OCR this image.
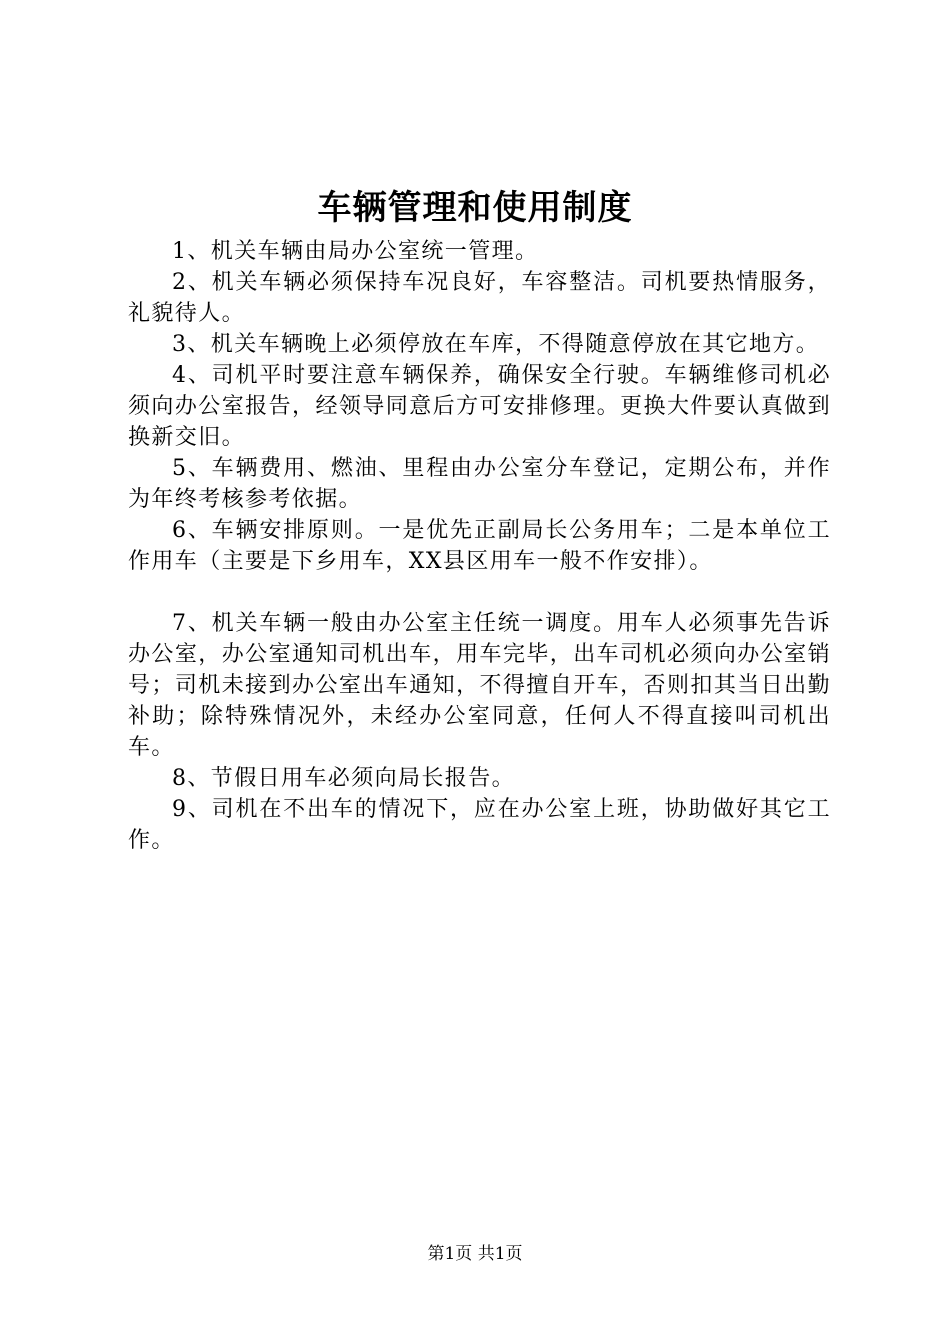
车辆管理和使用制度

1、机关车辆由局办公室统一管理。

2、机关车辆必须保持车况良好，车容整洁。司机要热情服务，礼貌待人。

3、机关车辆晚上必须停放在车库，不得随意停放在其它地方。

4、司机平时要注意车辆保养，确保安全行驶。车辆维修司机必须向办公室报告，经领导同意后方可安排修理。更换大件要认真做到换新交旧。

5、车辆费用、燃油、里程由办公室分车登记，定期公布，并作为年终考核参考依据。

6、车辆安排原则。一是优先正副局长公务用车；二是本单位工作用车（主要是下乡用车，XX县区用车一般不作安排）。

7、机关车辆一般由办公室主任统一调度。用车人必须事先告诉办公室，办公室通知司机出车，用车完毕，出车司机必须向办公室销号；司机未接到办公室出车通知，不得擅自开车，否则扣其当日出勤补助；除特殊情况外，未经办公室同意，任何人不得直接叫司机出车。

8、节假日用车必须向局长报告。

9、司机在不出车的情况下，应在办公室上班，协助做好其它工作。

第1页 共1页
